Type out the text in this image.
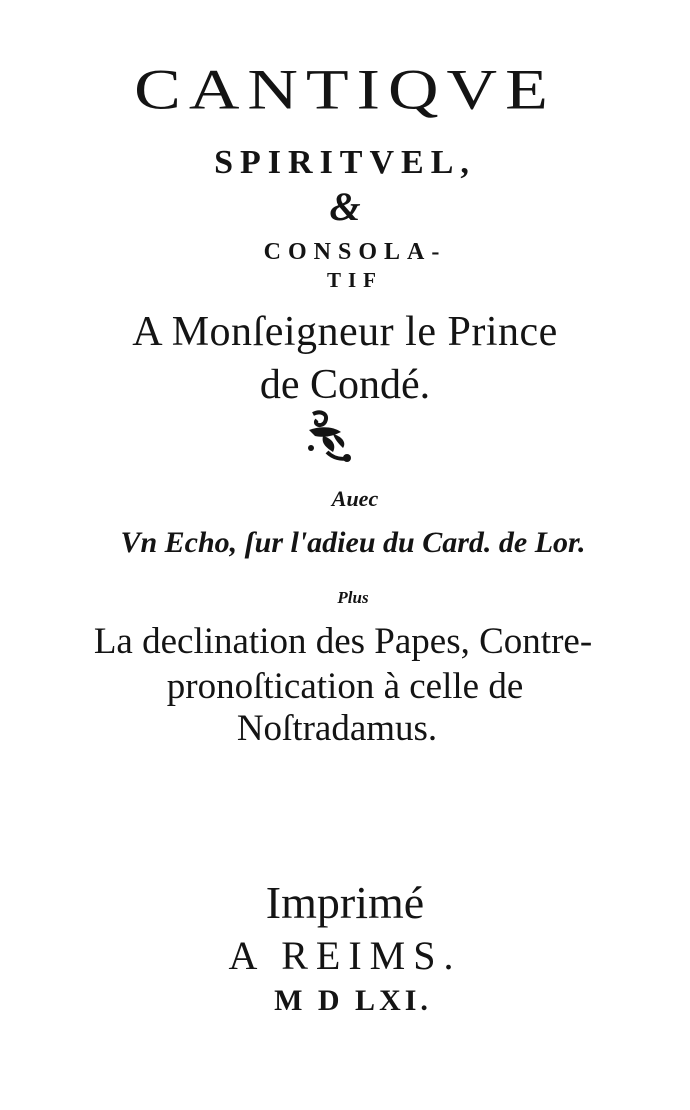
CANTIQVE
SPIRITVEL,
&
CONSOLA-
TIF
A Monſeigneur le Prince
de Condé.
Auec
Vn Echo, ſur l'adieu du Card. de Lor.
Plus
La declination des Papes, Contre-
pronoſtication à celle de
Noſtradamus.
Imprimé
A REIMS.
M D LXI.
